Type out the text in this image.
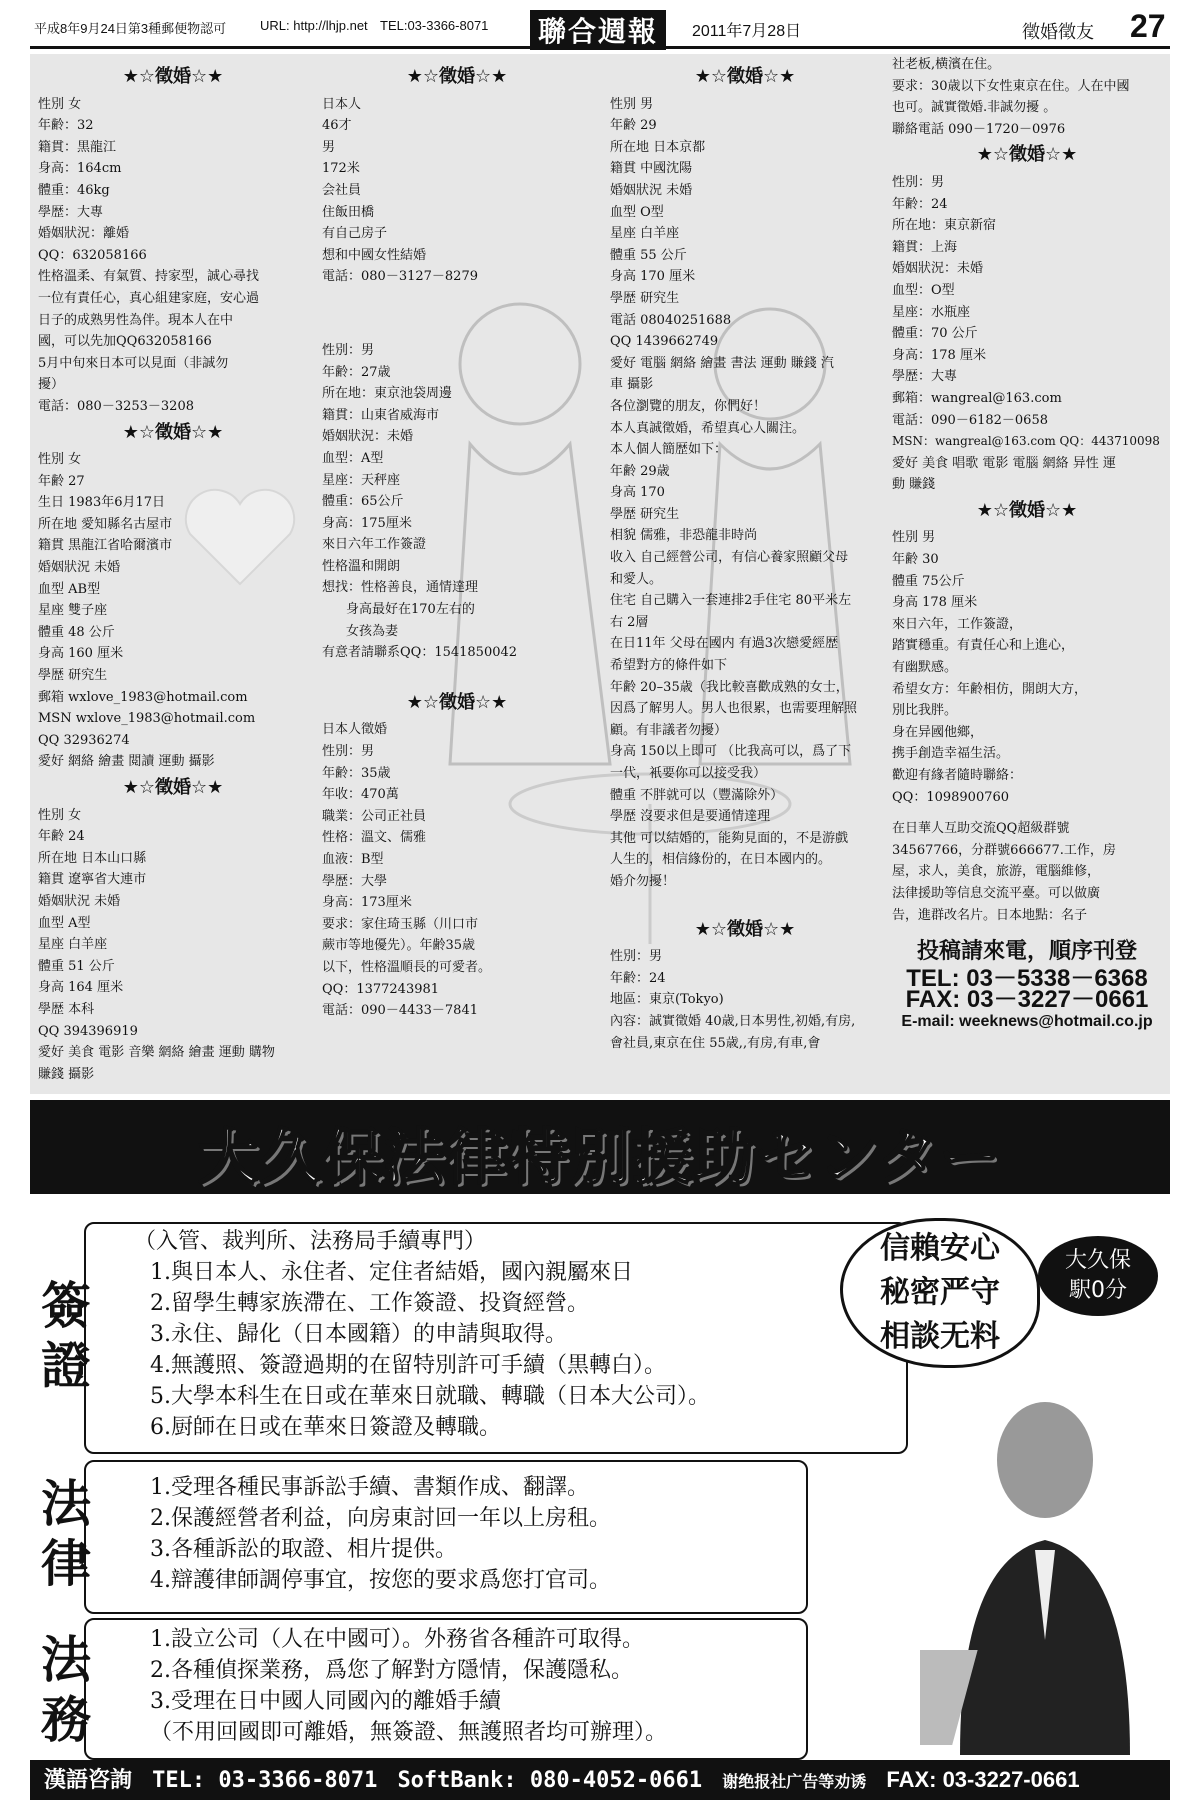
平成8年9月24日第3種郵便物認可	URL: http://lhjp.net TEL:03-3366-8071 聯合週報	2011年7月28日	徵婚徵友 27
★☆徵婚☆★
性別 女
年齢：32
籍貫：黒龍江
身高：164cm
體重：46kg
學歴：大專
婚姻狀況：離婚
QQ：632058166
性格溫柔、有氣質、持家型，誠心尋找
一位有責任心，真心組建家庭，安心過
日子的成熟男性為伴。現本人在中
國，可以先加QQ632058166
5月中旬來日本可以見面（非誠勿
擾）
電話：080－3253－3208
★☆徵婚☆★
性別 女
年齢 27
生日 1983年6月17日
所在地 愛知縣名古屋市
籍貫 黒龍江省哈爾濱市
婚姻狀況 未婚
血型 AB型
星座 雙子座
體重 48 公斤
身高 160 厘米
學歴 研究生
郵箱 wxlove_1983@hotmail.com
MSN wxlove_1983@hotmail.com
QQ 32936274
愛好 網絡 繪畫 閲讀 運動 攝影
★☆徵婚☆★
性別 女
年齢 24
所在地 日本山口縣
籍貫 遼寧省大連市
婚姻狀況 未婚
血型 A型
星座 白羊座
體重 51 公斤
身高 164 厘米
學歴 本科
QQ 394396919
愛好 美食 電影 音樂 網絡 繪畫 運動 購物
賺錢 攝影
★☆徵婚☆★
日本人
46才
男
172米
会社員
住飯田橋
有自己房子
想和中國女性結婚
電話：080－3127－8279
性別：男
年齢：27歳
所在地：東京池袋周邊
籍貫：山東省威海市
婚姻狀況：未婚
血型：A型
星座：天秤座
體重：65公斤
身高：175厘米
來日六年工作簽證
性格溫和開朗
想找：性格善良，通情達理
身高最好在170左右的
女孩為妻
有意者請聯系QQ：1541850042
★☆徵婚☆★
日本人徵婚
性別：男
年齢：35歳
年收：470萬
職業：公司正社員
性格：溫文、儒雅
血液：B型
學歴：大學
身高：173厘米
要求：家住琦玉縣（川口市
蕨市等地優先）。年齢35歳
以下，性格溫順長的可愛者。
QQ：1377243981
電話：090－4433－7841
★☆徵婚☆★
性別 男
年齢 29
所在地 日本京都
籍貫 中國沈陽
婚姻狀況 未婚
血型 O型
星座 白羊座
體重 55 公斤
身高 170 厘米
學歴 研究生
電話 08040251688
QQ 1439662749
愛好 電腦 網絡 繪畫 書法 運動 賺錢 汽
車 攝影
各位瀏覽的朋友，你們好！
本人真誠徵婚，希望真心人關注。
本人個人簡歴如下：
年齢 29歳
身高 170
學歴 研究生
相貌 儒雅，非恐龍非時尚
收入 自己經營公司，有信心養家照顧父母
和愛人。
住宅 自己購入一套連排2手住宅 80平米左
右 2層
在日11年 父母在國内 有過3次戀愛經歴
希望對方的條件如下
年齢 20–35歳（我比較喜歡成熟的女士，
因爲了解男人。男人也很累，也需要理解照
顧。有非議者勿擾）
身高 150以上即可 （比我高可以，爲了下
一代，衹要你可以接受我）
體重 不胖就可以（豐滿除外）
學歴 沒要求但是要通情達理
其他 可以結婚的，能夠見面的，不是游戲
人生的，相信緣份的，在日本國内的。
婚介勿擾！
★☆徵婚☆★
性別：男
年齢：24
地區：東京(Tokyo)
內容：誠實徵婚 40歳,日本男性,初婚,有房,
會社員,東京在住 55歳,,有房,有車,會
社老板,横濱在住。
要求：30歳以下女性東京在住。人在中國
也可。誠實徵婚.非誠勿擾 。
聯絡電話 090－1720－0976
★☆徵婚☆★
性別：男
年齢：24
所在地：東京新宿
籍貫：上海
婚姻狀況：未婚
血型：O型
星座：水瓶座
體重：70 公斤
身高：178 厘米
學歴：大專
郵箱：wangreal@163.com
電話：090－6182－0658
MSN：wangreal@163.com QQ：443710098
愛好 美食 唱歌 電影 電腦 網絡 异性 運
動 賺錢
★☆徵婚☆★
性別 男
年齢 30
體重 75公斤
身高 178 厘米
來日六年，工作簽證，
踏實穩重。有責任心和上進心，
有幽默感。
希望女方：年齢相仿，開朗大方，
別比我胖。
身在异國他鄉，
携手創造幸福生活。
歡迎有緣者隨時聯絡：
QQ：1098900760
在日華人互助交流QQ超級群號
34567766，分群號666677.工作，房
屋，求人，美食，旅游，電腦維修，
法律援助等信息交流平臺。可以做廣
告，進群改名片。日本地點：名子
投稿請來電，順序刊登
TEL: 03－5338－6368
FAX: 03－3227－0661
E-mail: weeknews@hotmail.co.jp
大久保法律特別援助センター
（入管、裁判所、法務局手續專門）
1.與日本人、永住者、定住者結婚，國內親屬來日
2.留學生轉家族滯在、工作簽證、投資經營。
3.永住、歸化（日本國籍）的申請與取得。
4.無護照、簽證過期的在留特別許可手續（黒轉白）。
5.大學本科生在日或在華來日就職、轉職（日本大公司）。
6.厨師在日或在華來日簽證及轉職。
簽證
1.受理各種民事訴訟手續、書類作成、翻譯。
2.保護經營者利益，向房東討回一年以上房租。
3.各種訴訟的取證、相片提供。
4.辯護律師調停事宜，按您的要求爲您打官司。
法律
1.設立公司（人在中國可）。外務省各種許可取得。
2.各種偵探業務，爲您了解對方隱情，保護隱私。
3.受理在日中國人同國內的離婚手續
（不用回國即可離婚，無簽證、無護照者均可辦理）。
法務
信賴安心
秘密严守
相談无料
大久保
駅0分
漢語咨詢 TEL: 03-3366-8071 SoftBank: 080-4052-0661 谢绝报社广告等劝诱 FAX: 03-3227-0661
